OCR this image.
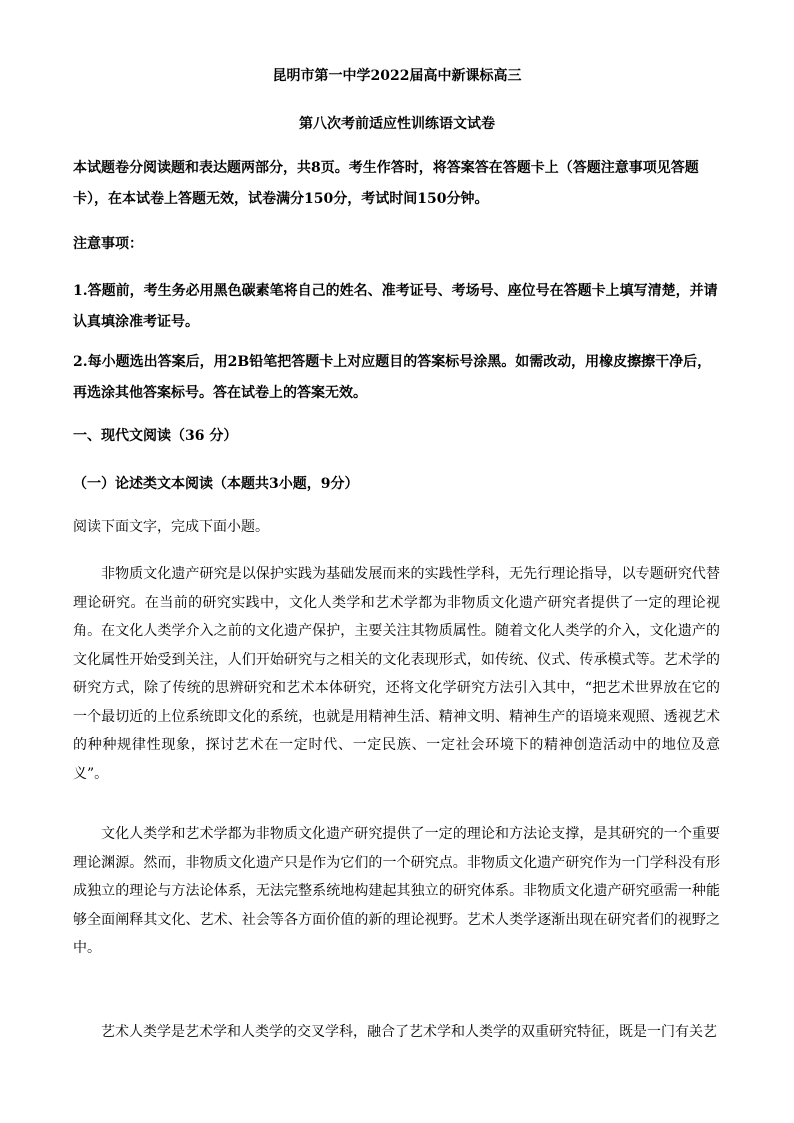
昆明市第一中学2022届高中新课标高三
第八次考前适应性训练语文试卷
本试题卷分阅读题和表达题两部分，共8页。考生作答时，将答案答在答题卡上（答题注意事项见答题卡），在本试卷上答题无效，试卷满分150分，考试时间150分钟。
注意事项：
1.答题前，考生务必用黑色碳素笔将自己的姓名、准考证号、考场号、座位号在答题卡上填写清楚，并请认真填涂准考证号。
2.每小题选出答案后，用2B铅笔把答题卡上对应题目的答案标号涂黑。如需改动，用橡皮擦擦干净后，再选涂其他答案标号。答在试卷上的答案无效。
一、现代文阅读（36 分）
（一）论述类文本阅读（本题共3小题，9分）
阅读下面文字，完成下面小题。
非物质文化遗产研究是以保护实践为基础发展而来的实践性学科，无先行理论指导，以专题研究代替理论研究。在当前的研究实践中，文化人类学和艺术学都为非物质文化遗产研究者提供了一定的理论视角。在文化人类学介入之前的文化遗产保护，主要关注其物质属性。随着文化人类学的介入，文化遗产的文化属性开始受到关注，人们开始研究与之相关的文化表现形式，如传统、仪式、传承模式等。艺术学的研究方式，除了传统的思辨研究和艺术本体研究，还将文化学研究方法引入其中，“把艺术世界放在它的一个最切近的上位系统即文化的系统，也就是用精神生活、精神文明、精神生产的语境来观照、透视艺术的种种规律性现象，探讨艺术在一定时代、一定民族、一定社会环境下的精神创造活动中的地位及意义”。
文化人类学和艺术学都为非物质文化遗产研究提供了一定的理论和方法论支撑，是其研究的一个重要理论渊源。然而，非物质文化遗产只是作为它们的一个研究点。非物质文化遗产研究作为一门学科没有形成独立的理论与方法论体系，无法完整系统地构建起其独立的研究体系。非物质文化遗产研究亟需一种能够全面阐释其文化、艺术、社会等各方面价值的新的理论视野。艺术人类学逐渐出现在研究者们的视野之中。
艺术人类学是艺术学和人类学的交叉学科，融合了艺术学和人类学的双重研究特征，既是一门有关艺
